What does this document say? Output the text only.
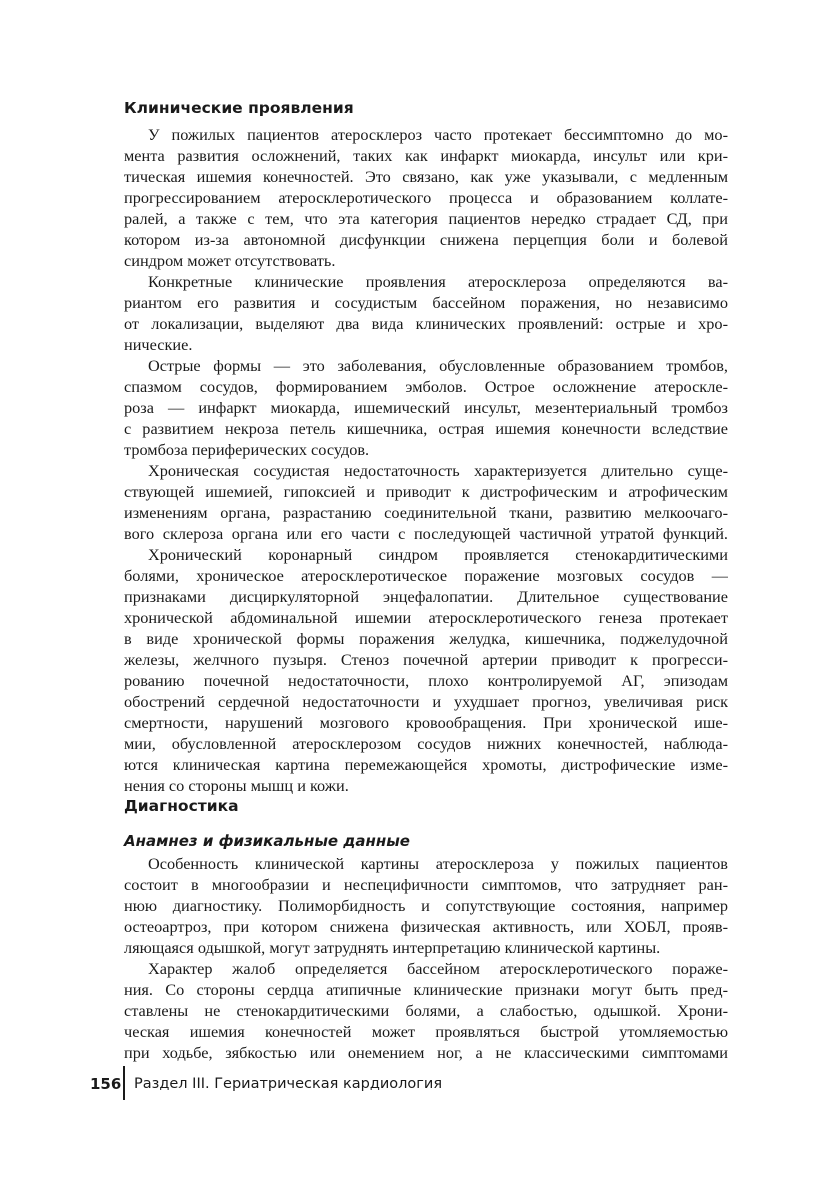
Клинические проявления
У пожилых пациентов атеросклероз часто протекает бессимптомно до мо-
мента развития осложнений, таких как инфаркт миокарда, инсульт или кри-
тическая ишемия конечностей. Это связано, как уже указывали, с медленным
прогрессированием атеросклеротического процесса и образованием коллате-
ралей, а также с тем, что эта категория пациентов нередко страдает СД, при
котором из-за автономной дисфункции снижена перцепция боли и болевой
синдром может отсутствовать.
Конкретные клинические проявления атеросклероза определяются ва-
риантом его развития и сосудистым бассейном поражения, но независимо
от локализации, выделяют два вида клинических проявлений: острые и хро-
нические.
Острые формы — это заболевания, обусловленные образованием тромбов,
спазмом сосудов, формированием эмболов. Острое осложнение атероскле-
роза — инфаркт миокарда, ишемический инсульт, мезентериальный тромбоз
с развитием некроза петель кишечника, острая ишемия конечности вследствие
тромбоза периферических сосудов.
Хроническая сосудистая недостаточность характеризуется длительно суще-
ствующей ишемией, гипоксией и приводит к дистрофическим и атрофическим
изменениям органа, разрастанию соединительной ткани, развитию мелкоочаго-
вого склероза органа или его части с последующей частичной утратой функций.
Хронический коронарный синдром проявляется стенокардитическими
болями, хроническое атеросклеротическое поражение мозговых сосудов —
признаками дисциркуляторной энцефалопатии. Длительное существование
хронической абдоминальной ишемии атеросклеротического генеза протекает
в виде хронической формы поражения желудка, кишечника, поджелудочной
железы, желчного пузыря. Стеноз почечной артерии приводит к прогресси-
рованию почечной недостаточности, плохо контролируемой АГ, эпизодам
обострений сердечной недостаточности и ухудшает прогноз, увеличивая риск
смертности, нарушений мозгового кровообращения. При хронической ише-
мии, обусловленной атеросклерозом сосудов нижних конечностей, наблюда-
ются клиническая картина перемежающейся хромоты, дистрофические изме-
нения со стороны мышц и кожи.
Диагностика
Анамнез и физикальные данные
Особенность клинической картины атеросклероза у пожилых пациентов
состоит в многообразии и неспецифичности симптомов, что затрудняет ран-
нюю диагностику. Полиморбидность и сопутствующие состояния, например
остеоартроз, при котором снижена физическая активность, или ХОБЛ, прояв-
ляющаяся одышкой, могут затруднять интерпретацию клинической картины.
Характер жалоб определяется бассейном атеросклеротического пораже-
ния. Со стороны сердца атипичные клинические признаки могут быть пред-
ставлены не стенокардитическими болями, а слабостью, одышкой. Хрони-
ческая ишемия конечностей может проявляться быстрой утомляемостью
при ходьбе, зябкостью или онемением ног, а не классическими симптомами
156 Раздел III. Гериатрическая кардиология
